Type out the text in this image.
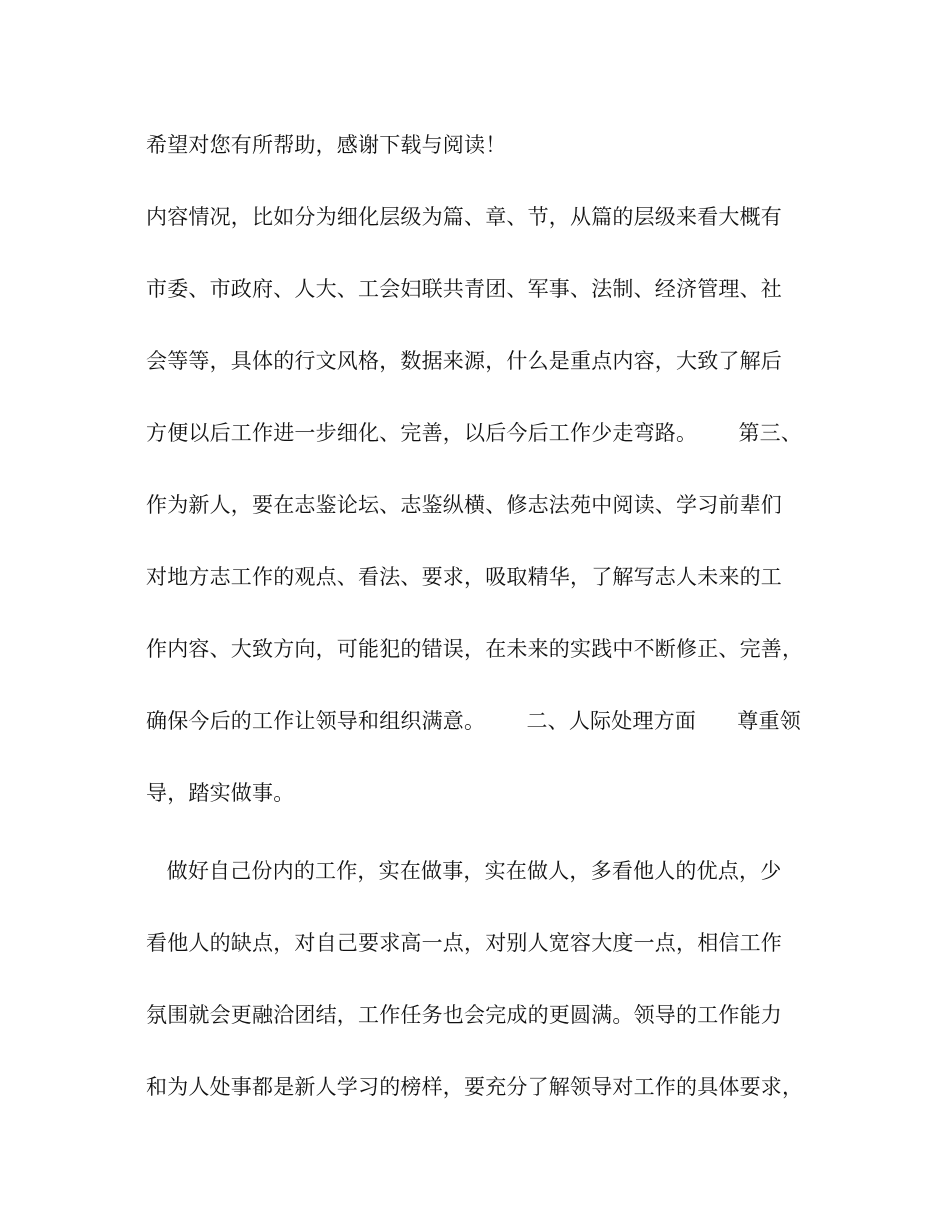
希望对您有所帮助，感谢下载与阅读！
内容情况，比如分为细化层级为篇、章、节，从篇的层级来看大概有
市委、市政府、人大、工会妇联共青团、军事、法制、经济管理、社
会等等，具体的行文风格，数据来源，什么是重点内容，大致了解后
方便以后工作进一步细化、完善，以后今后工作少走弯路。      第三、
作为新人，要在志鉴论坛、志鉴纵横、修志法苑中阅读、学习前辈们
对地方志工作的观点、看法、要求，吸取精华，了解写志人未来的工
作内容、大致方向，可能犯的错误，在未来的实践中不断修正、完善，
确保今后的工作让领导和组织满意。      二、人际处理方面      尊重领
导，踏实做事。
做好自己份内的工作，实在做事，实在做人，多看他人的优点，少
看他人的缺点，对自己要求高一点，对别人宽容大度一点，相信工作
氛围就会更融洽团结，工作任务也会完成的更圆满。领导的工作能力
和为人处事都是新人学习的榜样，要充分了解领导对工作的具体要求，
